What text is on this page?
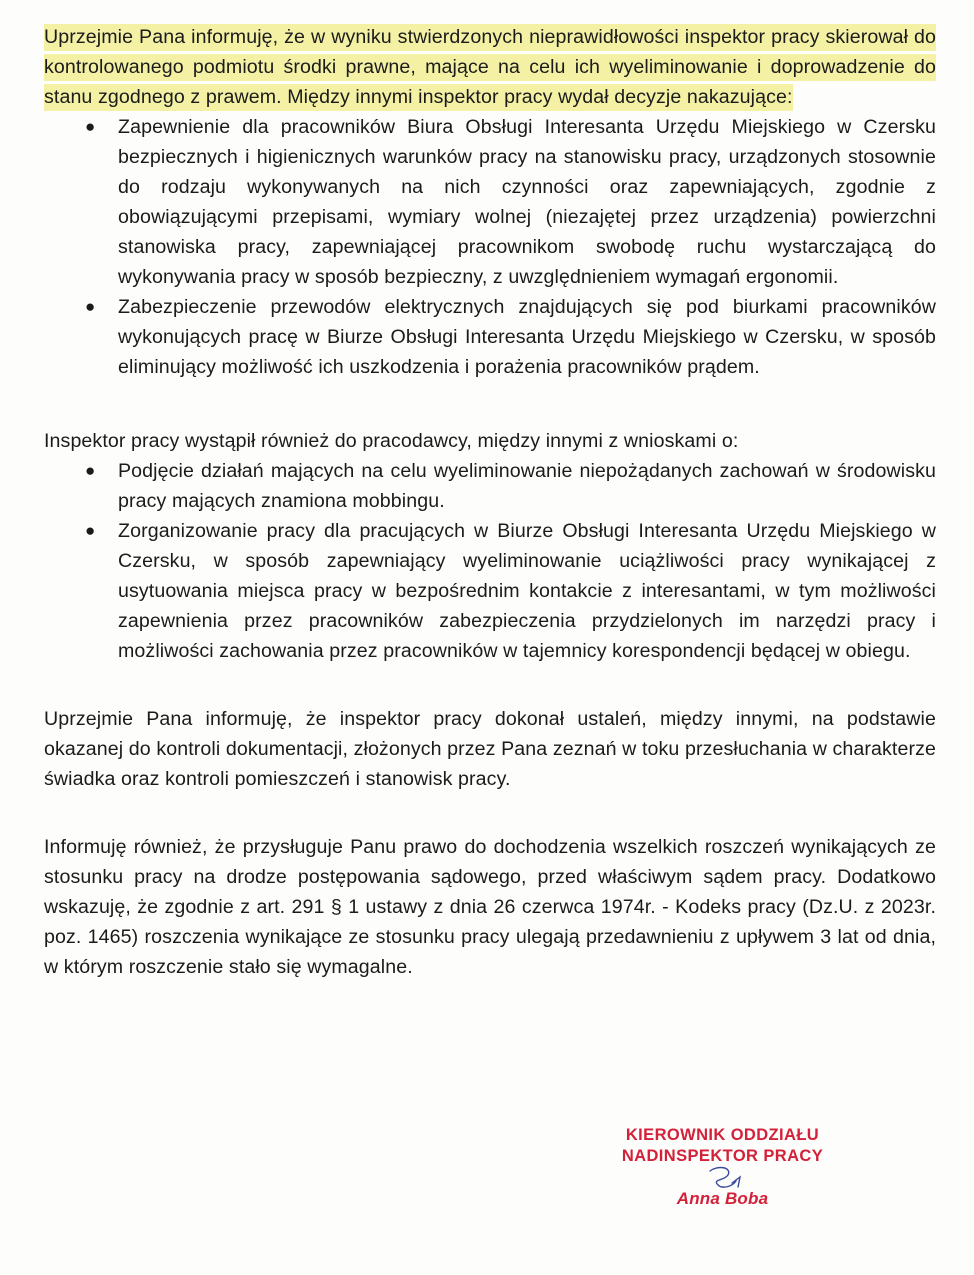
Uprzejmie Pana informuję, że w wyniku stwierdzonych nieprawidłowości inspektor pracy skierował do kontrolowanego podmiotu środki prawne, mające na celu ich wyeliminowanie i doprowadzenie do stanu zgodnego z prawem. Między innymi inspektor pracy wydał decyzje nakazujące:

● Zapewnienie dla pracowników Biura Obsługi Interesanta Urzędu Miejskiego w Czersku bezpiecznych i higienicznych warunków pracy na stanowisku pracy, urządzonych stosownie do rodzaju wykonywanych na nich czynności oraz zapewniających, zgodnie z obowiązującymi przepisami, wymiary wolnej (niezajętej przez urządzenia) powierzchni stanowiska pracy, zapewniającej pracownikom swobodę ruchu wystarczającą do wykonywania pracy w sposób bezpieczny, z uwzględnieniem wymagań ergonomii.
● Zabezpieczenie przewodów elektrycznych znajdujących się pod biurkami pracowników wykonujących pracę w Biurze Obsługi Interesanta Urzędu Miejskiego w Czersku, w sposób eliminujący możliwość ich uszkodzenia i porażenia pracowników prądem.

Inspektor pracy wystąpił również do pracodawcy, między innymi z wnioskami o:

● Podjęcie działań mających na celu wyeliminowanie niepożądanych zachowań w środowisku pracy mających znamiona mobbingu.
● Zorganizowanie pracy dla pracujących w Biurze Obsługi Interesanta Urzędu Miejskiego w Czersku, w sposób zapewniający wyeliminowanie uciążliwości pracy wynikającej z usytuowania miejsca pracy w bezpośrednim kontakcie z interesantami, w tym możliwości zapewnienia przez pracowników zabezpieczenia przydzielonych im narzędzi pracy i możliwości zachowania przez pracowników w tajemnicy korespondencji będącej w obiegu.

Uprzejmie Pana informuję, że inspektor pracy dokonał ustaleń, między innymi, na podstawie okazanej do kontroli dokumentacji, złożonych przez Pana zeznań w toku przesłuchania w charakterze świadka oraz kontroli pomieszczeń i stanowisk pracy.

Informuję również, że przysługuje Panu prawo do dochodzenia wszelkich roszczeń wynikających ze stosunku pracy na drodze postępowania sądowego, przed właściwym sądem pracy. Dodatkowo wskazuję, że zgodnie z art. 291 § 1 ustawy z dnia 26 czerwca 1974r. - Kodeks pracy (Dz.U. z 2023r. poz. 1465) roszczenia wynikające ze stosunku pracy ulegają przedawnieniu z upływem 3 lat od dnia, w którym roszczenie stało się wymagalne.

KIEROWNIK ODDZIAŁU
NADINSPEKTOR PRACY
Anna Boba
